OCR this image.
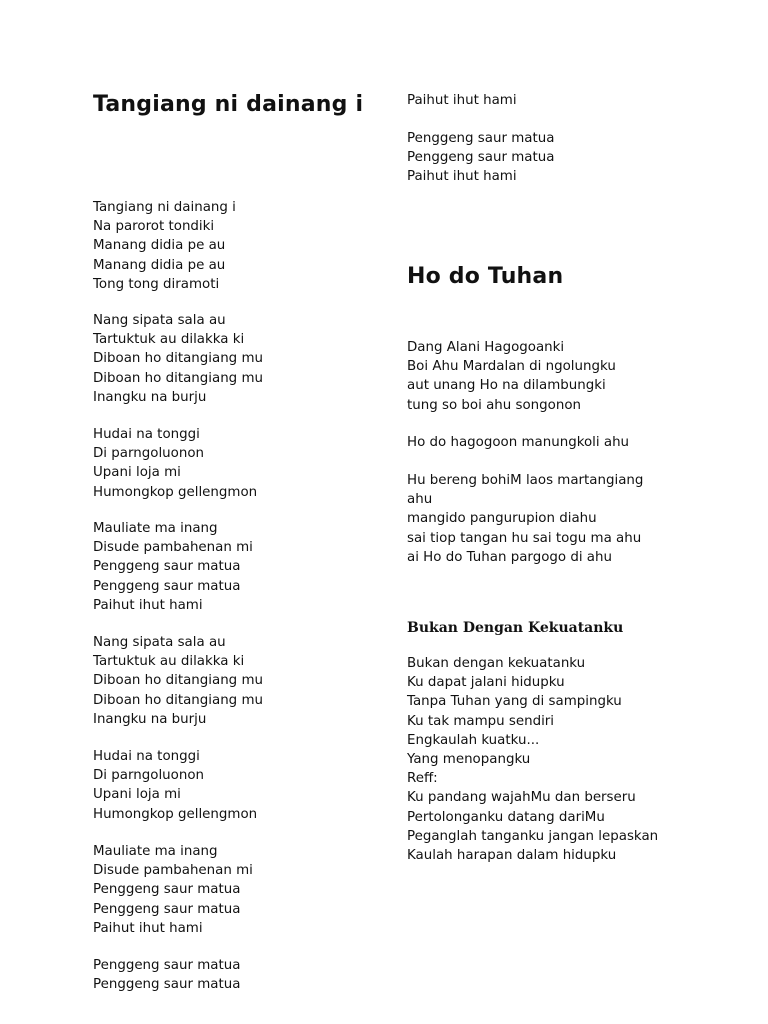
Tangiang ni dainang i
Tangiang ni dainang i
Na parorot tondiki
Manang didia pe au
Manang didia pe au
Tong tong diramoti
Nang sipata sala au
Tartuktuk au dilakka ki
Diboan ho ditangiang mu
Diboan ho ditangiang mu
Inangku na burju
Hudai na tonggi
Di parngoluonon
Upani loja mi
Humongkop gellengmon
Mauliate ma inang
Disude pambahenan mi
Penggeng saur matua
Penggeng saur matua
Paihut ihut hami
Nang sipata sala au
Tartuktuk au dilakka ki
Diboan ho ditangiang mu
Diboan ho ditangiang mu
Inangku na burju
Hudai na tonggi
Di parngoluonon
Upani loja mi
Humongkop gellengmon
Mauliate ma inang
Disude pambahenan mi
Penggeng saur matua
Penggeng saur matua
Paihut ihut hami
Penggeng saur matua
Penggeng saur matua
Paihut ihut hami
Penggeng saur matua
Penggeng saur matua
Paihut ihut hami
Ho do Tuhan
Dang Alani Hagogoanki
Boi Ahu Mardalan di ngolungku
aut unang Ho na dilambungki
tung so boi ahu songonon
Ho do hagogoon manungkoli ahu
Hu bereng bohiM laos martangiang
ahu
mangido pangurupion diahu
sai tiop tangan hu sai togu ma ahu
ai Ho do Tuhan pargogo di ahu
Bukan Dengan Kekuatanku
Bukan dengan kekuatanku
Ku dapat jalani hidupku
Tanpa Tuhan yang di sampingku
Ku tak mampu sendiri
Engkaulah kuatku...
Yang menopangku
Reff:
Ku pandang wajahMu dan berseru
Pertolonganku datang dariMu
Peganglah tanganku jangan lepaskan
Kaulah harapan dalam hidupku
